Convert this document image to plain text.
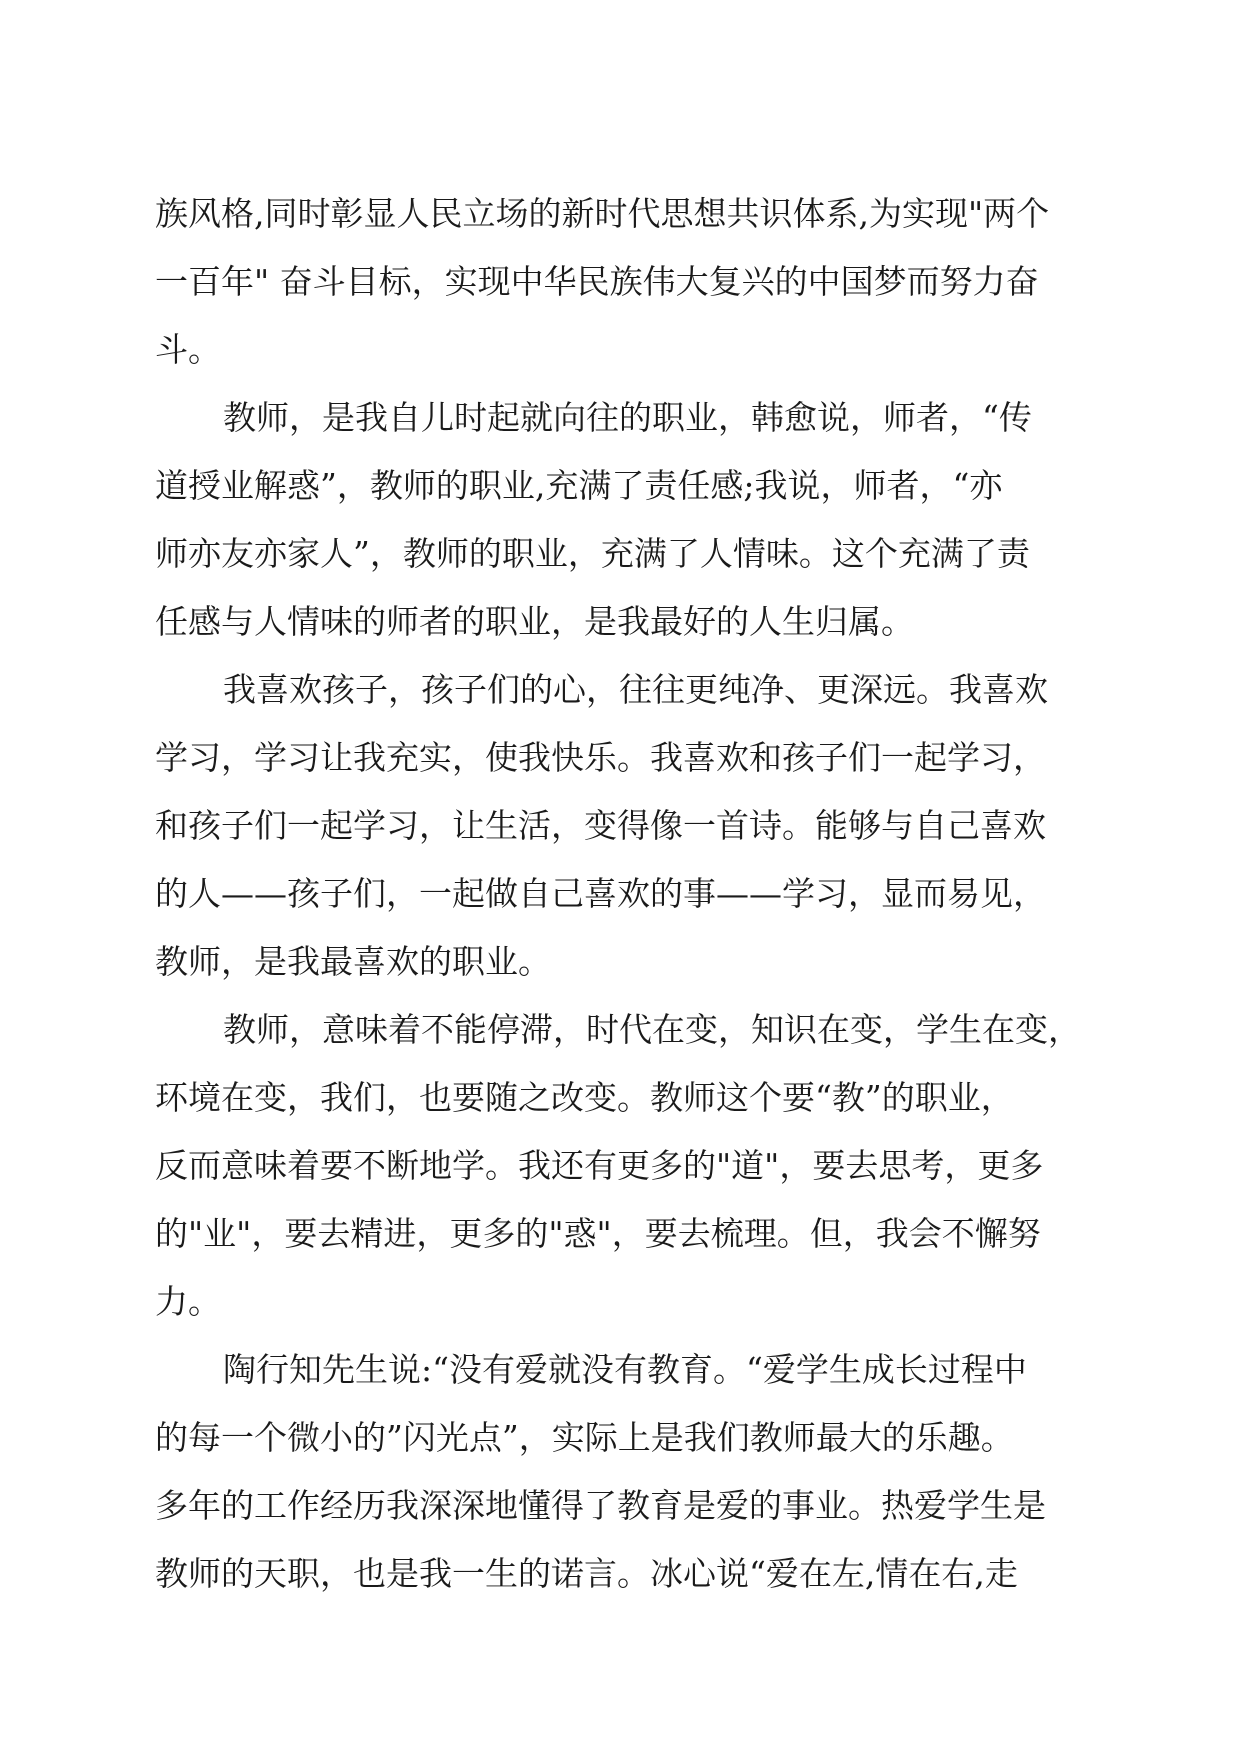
族风格,同时彰显人民立场的新时代思想共识体系,为实现"两个
一百年" 奋斗目标，实现中华民族伟大复兴的中国梦而努力奋
斗。

教师，是我自儿时起就向往的职业，韩愈说，师者，“传
道授业解惑”，教师的职业,充满了责任感;我说，师者，“亦
师亦友亦家人”，教师的职业，充满了人情味。这个充满了责
任感与人情味的师者的职业，是我最好的人生归属。

我喜欢孩子，孩子们的心，往往更纯净、更深远。我喜欢
学习，学习让我充实，使我快乐。我喜欢和孩子们一起学习，
和孩子们一起学习，让生活，变得像一首诗。能够与自己喜欢
的人——孩子们，一起做自己喜欢的事——学习，显而易见，
教师，是我最喜欢的职业。

教师，意味着不能停滞，时代在变，知识在变，学生在变，
环境在变，我们，也要随之改变。教师这个要“教”的职业，
反而意味着要不断地学。我还有更多的"道"，要去思考，更多
的"业"，要去精进，更多的"惑"，要去梳理。但，我会不懈努
力。

陶行知先生说:“没有爱就没有教育。“爱学生成长过程中
的每一个微小的”闪光点”，实际上是我们教师最大的乐趣。
多年的工作经历我深深地懂得了教育是爱的事业。热爱学生是
教师的天职，也是我一生的诺言。冰心说“爱在左,情在右,走
